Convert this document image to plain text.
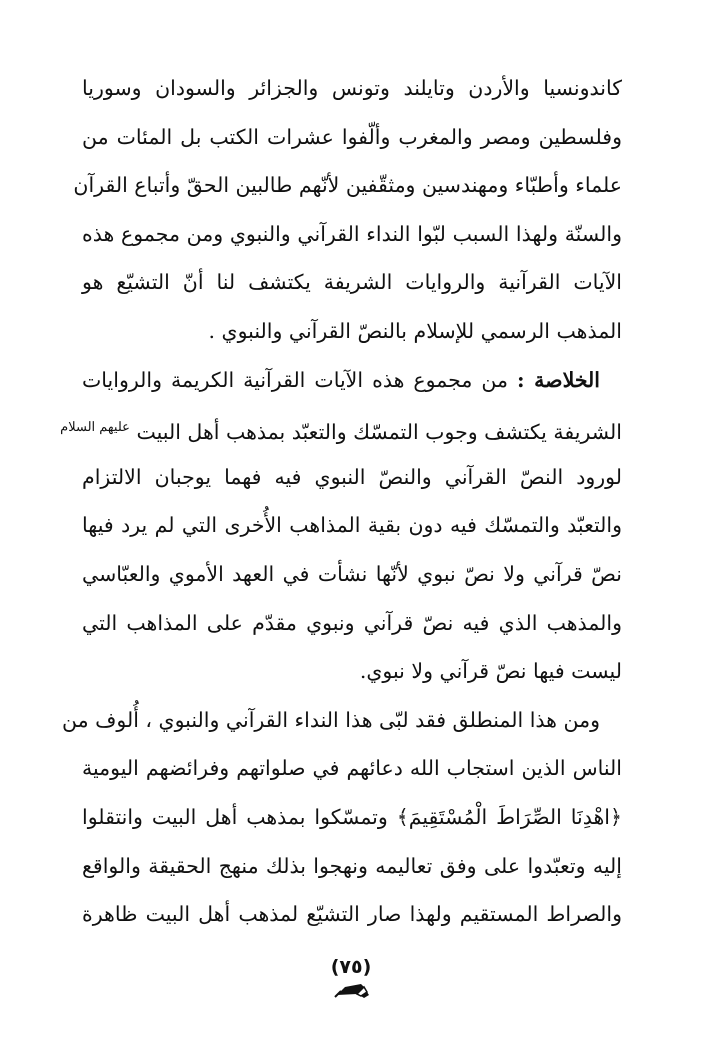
كاندونسيا والأردن وتايلند وتونس والجزائر والسودان وسوريا
وفلسطين ومصر والمغرب وألّفوا عشرات الكتب بل المئات من
علماء وأطبّاء ومهندسين ومثقّفين لأنّهم طالبين الحقّ وأتباع القرآن
والسنّة ولهذا السبب لبّوا النداء القرآني والنبوي ومن مجموع هذه
الآيات القرآنية والروايات الشريفة يكتشف لنا أنّ التشيّع هو
المذهب الرسمي للإسلام بالنصّ القرآني والنبوي .
الخلاصة : من مجموع هذه الآيات القرآنية الكريمة والروايات
الشريفة يكتشف وجوب التمسّك والتعبّد بمذهب أهل البيت $^{عليهم السلام}$
لورود النصّ القرآني والنصّ النبوي فيه فهما يوجبان الالتزام
والتعبّد والتمسّك فيه دون بقية المذاهب الأُخرى التي لم يرد فيها
نصّ قرآني ولا نصّ نبوي لأنّها نشأت في العهد الأموي والعبّاسي
والمذهب الذي فيه نصّ قرآني ونبوي مقدّم على المذاهب التي
ليست فيها نصّ قرآني ولا نبوي.
ومن هذا المنطلق فقد لبّى هذا النداء القرآني والنبوي ، أُلوف من
الناس الذين استجاب الله دعائهم في صلواتهم وفرائضهم اليومية
﴿اهْدِنَا الصِّرَاطَ الْمُسْتَقِيمَ﴾ وتمسّكوا بمذهب أهل البيت وانتقلوا
إليه وتعبّدوا على وفق تعاليمه ونهجوا بذلك منهج الحقيقة والواقع
والصراط المستقيم ولهذا صار التشيّع لمذهب أهل البيت ظاهرة
(٧٥)
